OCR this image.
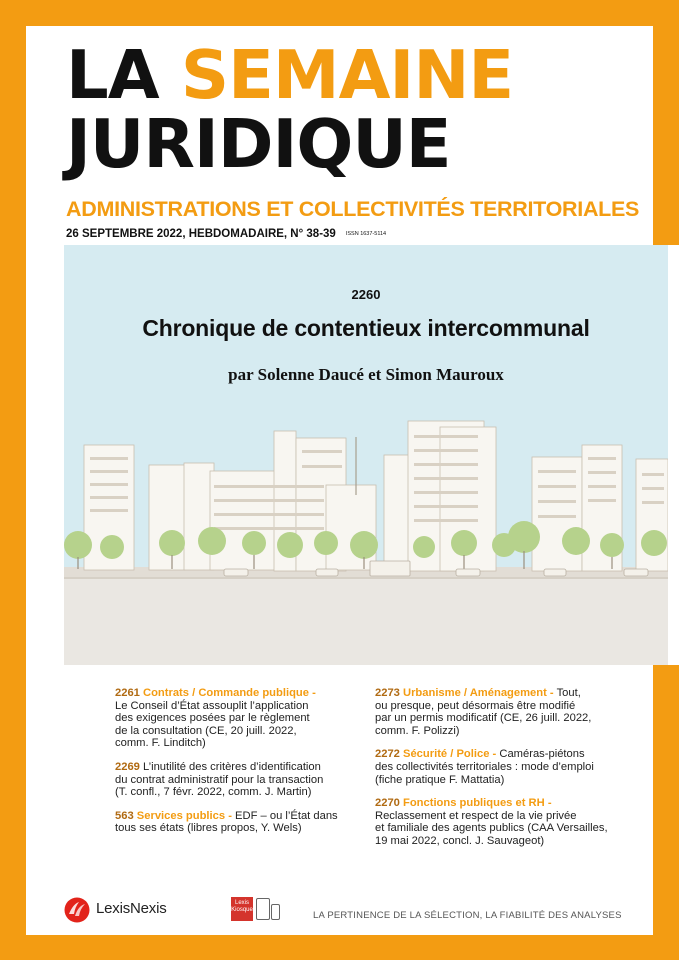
LA SEMAINE
JURIDIQUE
ADMINISTRATIONS ET COLLECTIVITÉS TERRITORIALES
26 SEPTEMBRE 2022, HEBDOMADAIRE, N° 38-39 ISSN 1637-5114
2260
Chronique de contentieux intercommunal
par Solenne Daucé et Simon Mauroux

2261 Contrats / Commande publique -
Le Conseil d’État assouplit l’application
des exigences posées par le règlement
de la consultation (CE, 20 juill. 2022,
comm. F. Linditch)

2269 L’inutilité des critères d’identification
du contrat administratif pour la transaction
(T. confl., 7 févr. 2022, comm. J. Martin)

563 Services publics - EDF – ou l’État dans
tous ses états (libres propos, Y. Wels)

2273 Urbanisme / Aménagement - Tout,
ou presque, peut désormais être modifié
par un permis modificatif (CE, 26 juill. 2022,
comm. F. Polizzi)

2272 Sécurité / Police - Caméras-piétons
des collectivités territoriales : mode d’emploi
(fiche pratique F. Mattatia)

2270 Fonctions publiques et RH -
Reclassement et respect de la vie privée
et familiale des agents publics (CAA Versailles,
19 mai 2022, concl. J. Sauvageot)

LexisNexis	Lexis
Kiosque	LA PERTINENCE DE LA SÉLECTION, LA FIABILITÉ DES ANALYSES
